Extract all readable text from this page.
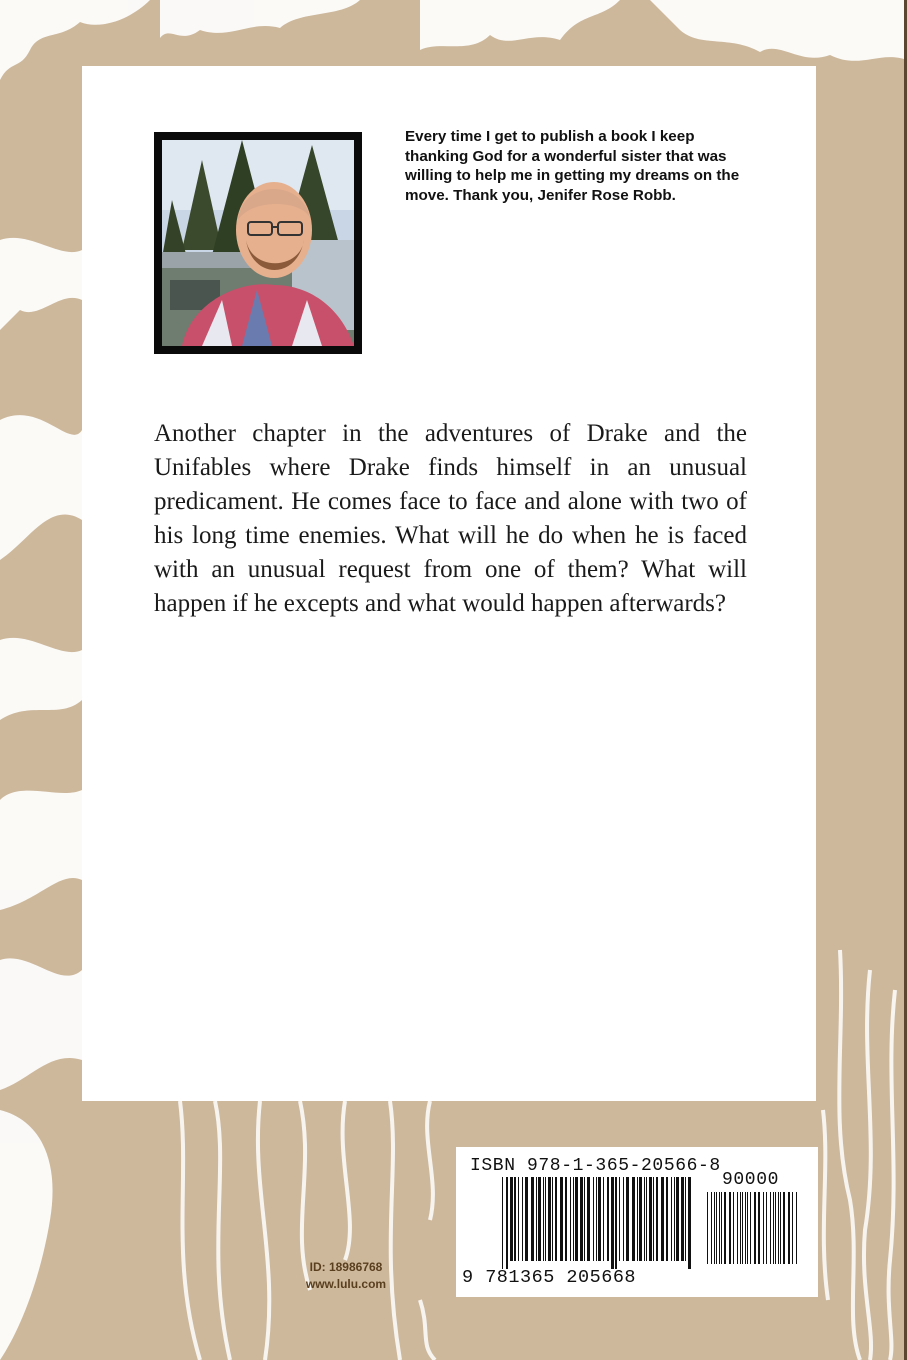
Every time I get to publish a book I keep thanking God for a wonderful sister that was willing to help me in getting my dreams on the move. Thank you, Jenifer Rose Robb.
Another chapter in the adventures of Drake and the Unifables where Drake finds himself in an unusual predicament. He comes face to face and alone with two of his long time enemies. What will he do when he is faced with an unusual request from one of them? What will happen if he excepts and what would happen afterwards?
ID: 18986768
www.lulu.com
ISBN 978-1-365-20566-8
90000
9 781365 205668
